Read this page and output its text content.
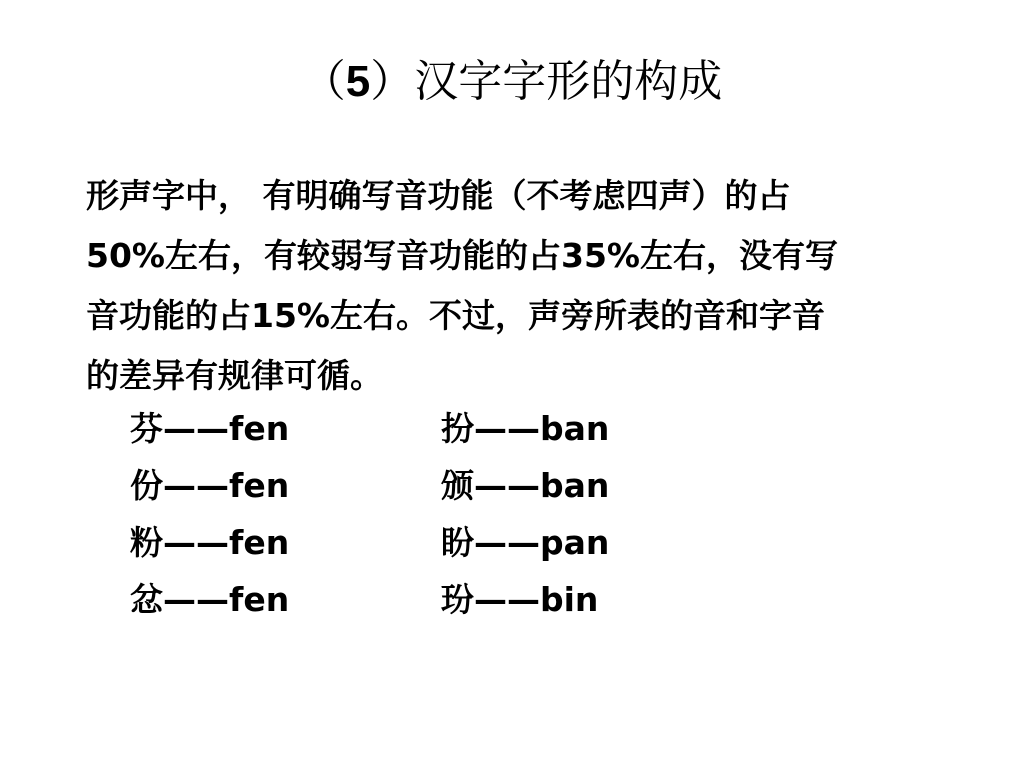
（5）汉字字形的构成
形声字中， 有明确写音功能（不考虑四声）的占
50%左右，有较弱写音功能的占35%左右，没有写
音功能的占15%左右。不过，声旁所表的音和字音
的差异有规律可循。
芬——fen	扮——ban
份——fen	颁——ban
粉——fen	盼——pan
忿——fen	玢——bin
